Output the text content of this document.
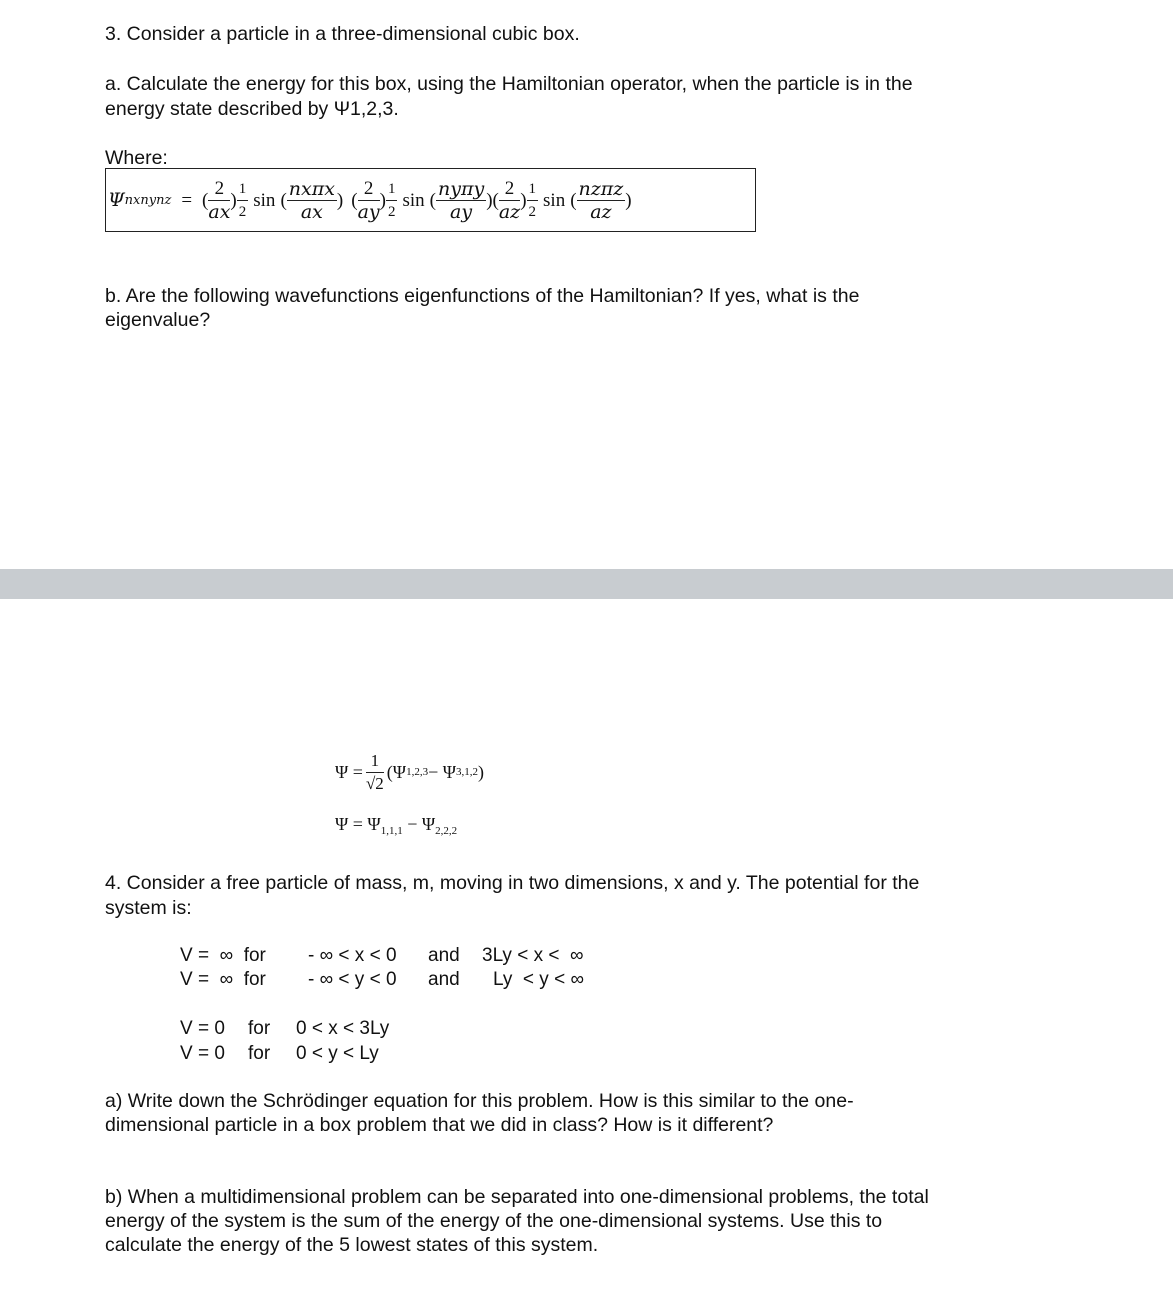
3. Consider a particle in a three-dimensional cubic box.
a. Calculate the energy for this box, using the Hamiltonian operator, when the particle is in the
energy state described by Ψ1,2,3.
Where:
Ψ nxnynz = ( $\frac{2}{ax}$ ) $\frac{1}{2}$ sin ( $\frac{\text{nxπx}}{ax}$ ) ( $\frac{2}{ay}$ ) $\frac{1}{2}$ sin ( $\frac{\text{nyπy}}{ay}$ ) ( $\frac{2}{az}$ ) $\frac{1}{2}$ sin ( $\frac{\text{nzπz}}{az}$ )
b. Are the following wavefunctions eigenfunctions of the Hamiltonian? If yes, what is the
eigenvalue?
$\Psi = \frac{1}{√2} (\Psi$ 1,2,3 − Ψ 3,1,2 )
$\Psi = \Psi_{1,1,1} - \Psi_{2,2,2}$
4. Consider a free particle of mass, m, moving in two dimensions, x and y. The potential for the
system is:
V =  ∞  for - ∞ < x < 0 and 3Ly < x <  ∞
V =  ∞  for - ∞ < y < 0 and Ly  < y < ∞
V = 0 for 0 < x < 3Ly
V = 0 for 0 < y < Ly
a) Write down the Schrödinger equation for this problem. How is this similar to the one-
dimensional particle in a box problem that we did in class? How is it different?
b) When a multidimensional problem can be separated into one-dimensional problems, the total
energy of the system is the sum of the energy of the one-dimensional systems. Use this to
calculate the energy of the 5 lowest states of this system.
